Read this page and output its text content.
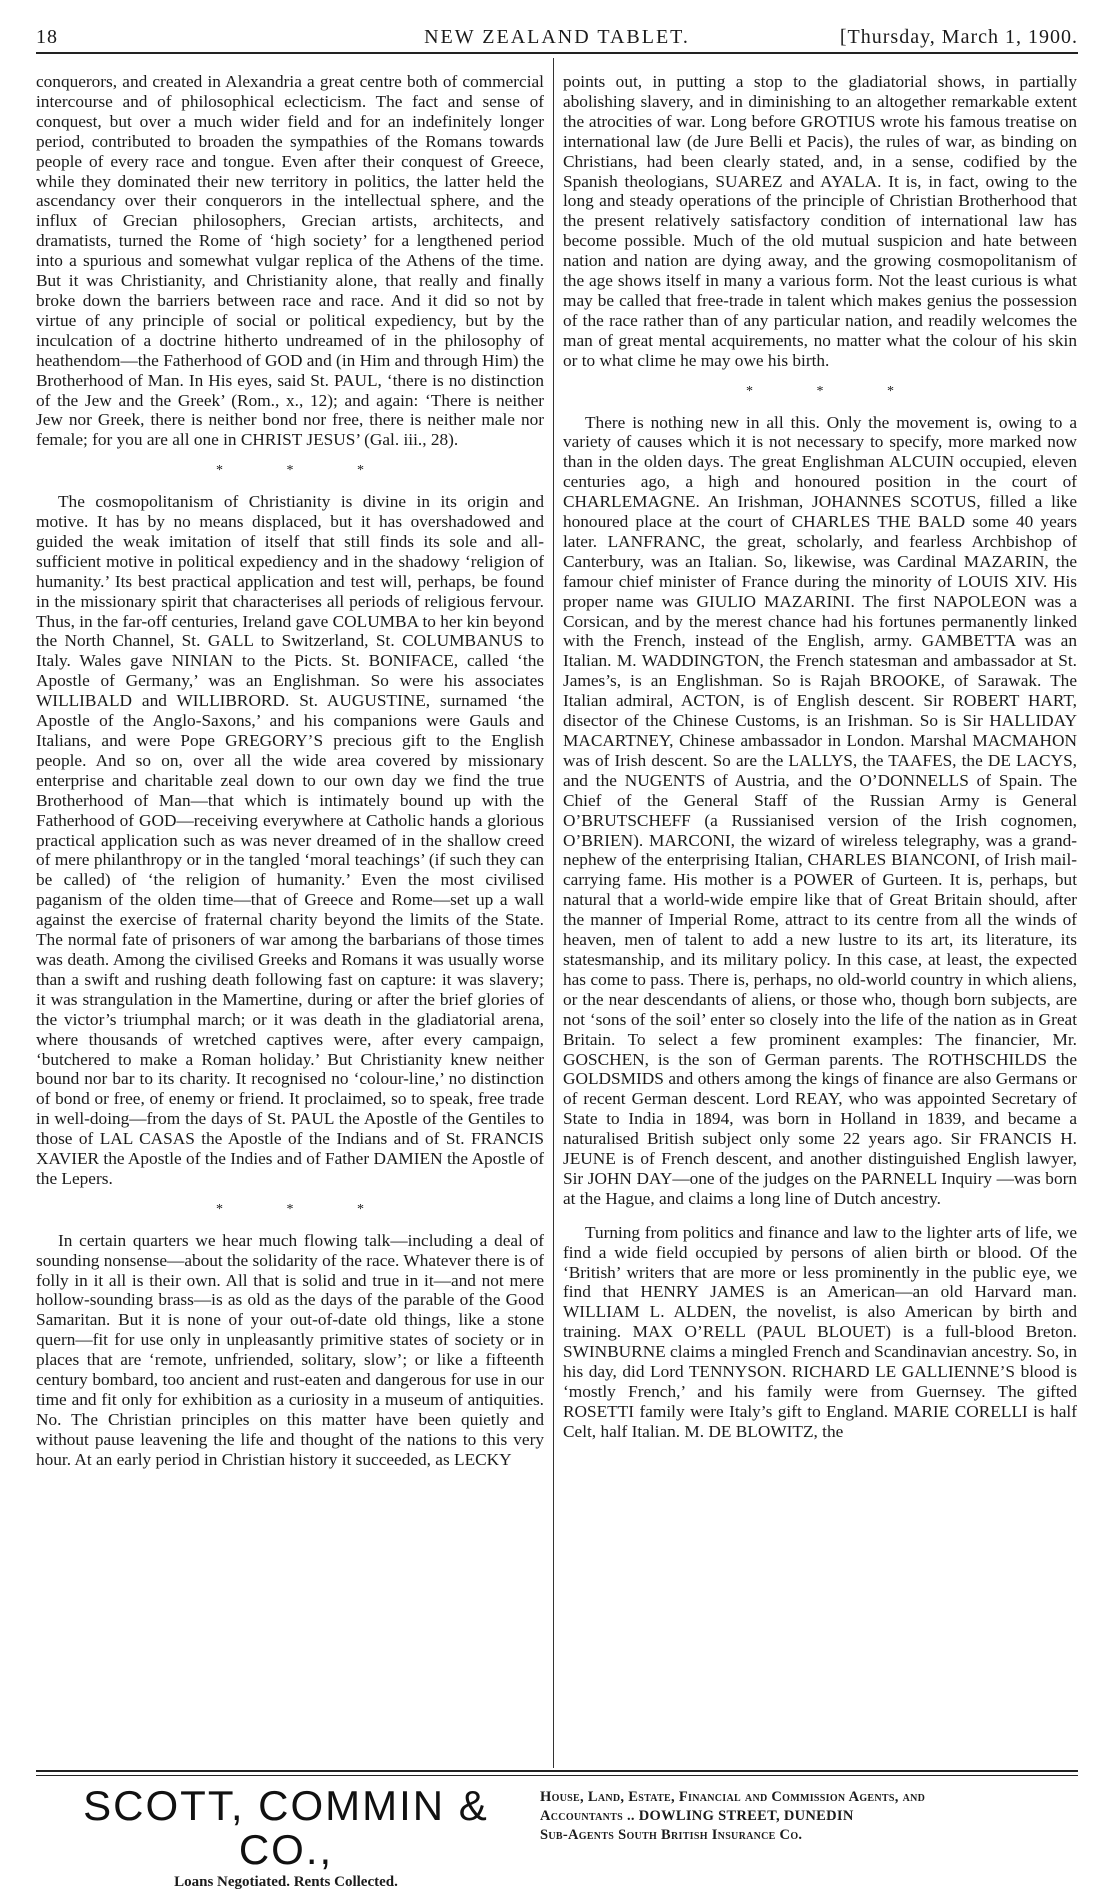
18	NEW ZEALAND TABLET.	[Thursday, March 1, 1900.

conquerors, and created in Alexandria a great centre both of commercial intercourse and of philosophical eclecticism. The fact and sense of conquest, but over a much wider field and for an indefinitely longer period, contributed to broaden the sympathies of the Romans towards people of every race and tongue. Even after their conquest of Greece, while they dominated their new territory in politics, the latter held the ascendancy over their conquerors in the intellectual sphere, and the influx of Grecian philosophers, Grecian artists, architects, and dramatists, turned the Rome of ‘high society’ for a lengthened period into a spurious and somewhat vulgar replica of the Athens of the time. But it was Christianity, and Christianity alone, that really and finally broke down the barriers between race and race. And it did so not by virtue of any principle of social or political expediency, but by the inculcation of a doctrine hitherto undreamed of in the philosophy of heathendom—the Fatherhood of GOD and (in Him and through Him) the Brotherhood of Man. In His eyes, said St. PAUL, ‘there is no distinction of the Jew and the Greek’ (Rom., x., 12); and again: ‘There is neither Jew nor Greek, there is neither bond nor free, there is neither male nor female; for you are all one in CHRIST JESUS’ (Gal. iii., 28).

* * *

The cosmopolitanism of Christianity is divine in its origin and motive. It has by no means displaced, but it has overshadowed and guided the weak imitation of itself that still finds its sole and all-sufficient motive in political expediency and in the shadowy ‘religion of humanity.’ Its best practical application and test will, perhaps, be found in the missionary spirit that characterises all periods of religious fervour. Thus, in the far-off centuries, Ireland gave COLUMBA to her kin beyond the North Channel, St. GALL to Switzerland, St. COLUMBANUS to Italy. Wales gave NINIAN to the Picts. St. BONIFACE, called ‘the Apostle of Germany,’ was an Englishman. So were his associates WILLIBALD and WILLIBRORD. St. AUGUSTINE, surnamed ‘the Apostle of the Anglo-Saxons,’ and his companions were Gauls and Italians, and were Pope GREGORY’S precious gift to the English people. And so on, over all the wide area covered by missionary enterprise and charitable zeal down to our own day we find the true Brotherhood of Man—that which is intimately bound up with the Fatherhood of GOD—receiving everywhere at Catholic hands a glorious practical application such as was never dreamed of in the shallow creed of mere philanthropy or in the tangled ‘moral teachings’ (if such they can be called) of ‘the religion of humanity.’ Even the most civilised paganism of the olden time—that of Greece and Rome—set up a wall against the exercise of fraternal charity beyond the limits of the State. The normal fate of prisoners of war among the barbarians of those times was death. Among the civilised Greeks and Romans it was usually worse than a swift and rushing death following fast on capture: it was slavery; it was strangulation in the Mamertine, during or after the brief glories of the victor’s triumphal march; or it was death in the gladiatorial arena, where thousands of wretched captives were, after every campaign, ‘butchered to make a Roman holiday.’ But Christianity knew neither bound nor bar to its charity. It recognised no ‘colour-line,’ no distinction of bond or free, of enemy or friend. It proclaimed, so to speak, free trade in well-doing—from the days of St. PAUL the Apostle of the Gentiles to those of LAL CASAS the Apostle of the Indians and of St. FRANCIS XAVIER the Apostle of the Indies and of Father DAMIEN the Apostle of the Lepers.

* * *

In certain quarters we hear much flowing talk—including a deal of sounding nonsense—about the solidarity of the race. Whatever there is of folly in it all is their own. All that is solid and true in it—and not mere hollow-sounding brass—is as old as the days of the parable of the Good Samaritan. But it is none of your out-of-date old things, like a stone quern—fit for use only in unpleasantly primitive states of society or in places that are ‘remote, unfriended, solitary, slow’; or like a fifteenth century bombard, too ancient and rust-eaten and dangerous for use in our time and fit only for exhibition as a curiosity in a museum of antiquities. No. The Christian principles on this matter have been quietly and without pause leavening the life and thought of the nations to this very hour. At an early period in Christian history it succeeded, as LECKY

points out, in putting a stop to the gladiatorial shows, in partially abolishing slavery, and in diminishing to an altogether remarkable extent the atrocities of war. Long before GROTIUS wrote his famous treatise on international law (de Jure Belli et Pacis), the rules of war, as binding on Christians, had been clearly stated, and, in a sense, codified by the Spanish theologians, SUAREZ and AYALA. It is, in fact, owing to the long and steady operations of the principle of Christian Brotherhood that the present relatively satisfactory condition of international law has become possible. Much of the old mutual suspicion and hate between nation and nation are dying away, and the growing cosmopolitanism of the age shows itself in many a various form. Not the least curious is what may be called that free-trade in talent which makes genius the possession of the race rather than of any particular nation, and readily welcomes the man of great mental acquirements, no matter what the colour of his skin or to what clime he may owe his birth.

* * *

There is nothing new in all this. Only the movement is, owing to a variety of causes which it is not necessary to specify, more marked now than in the olden days. The great Englishman ALCUIN occupied, eleven centuries ago, a high and honoured position in the court of CHARLEMAGNE. An Irishman, JOHANNES SCOTUS, filled a like honoured place at the court of CHARLES THE BALD some 40 years later. LANFRANC, the great, scholarly, and fearless Archbishop of Canterbury, was an Italian. So, likewise, was Cardinal MAZARIN, the famour chief minister of France during the minority of LOUIS XIV. His proper name was GIULIO MAZARINI. The first NAPOLEON was a Corsican, and by the merest chance had his fortunes permanently linked with the French, instead of the English, army. GAMBETTA was an Italian. M. WADDINGTON, the French statesman and ambassador at St. James’s, is an Englishman. So is Rajah BROOKE, of Sarawak. The Italian admiral, ACTON, is of English descent. Sir ROBERT HART, disector of the Chinese Customs, is an Irishman. So is Sir HALLIDAY MACARTNEY, Chinese ambassador in London. Marshal MACMAHON was of Irish descent. So are the LALLYS, the TAAFES, the DE LACYS, and the NUGENTS of Austria, and the O’DONNELLS of Spain. The Chief of the General Staff of the Russian Army is General O’BRUTSCHEFF (a Russianised version of the Irish cognomen, O’BRIEN). MARCONI, the wizard of wireless telegraphy, was a grand-nephew of the enterprising Italian, CHARLES BIANCONI, of Irish mail-carrying fame. His mother is a POWER of Gurteen. It is, perhaps, but natural that a world-wide empire like that of Great Britain should, after the manner of Imperial Rome, attract to its centre from all the winds of heaven, men of talent to add a new lustre to its art, its literature, its statesmanship, and its military policy. In this case, at least, the expected has come to pass. There is, perhaps, no old-world country in which aliens, or the near descendants of aliens, or those who, though born subjects, are not ‘sons of the soil’ enter so closely into the life of the nation as in Great Britain. To select a few prominent examples: The financier, Mr. GOSCHEN, is the son of German parents. The ROTHSCHILDS the GOLDSMIDS and others among the kings of finance are also Germans or of recent German descent. Lord REAY, who was appointed Secretary of State to India in 1894, was born in Holland in 1839, and became a naturalised British subject only some 22 years ago. Sir FRANCIS H. JEUNE is of French descent, and another distinguished English lawyer, Sir JOHN DAY—one of the judges on the PARNELL Inquiry —was born at the Hague, and claims a long line of Dutch ancestry.

Turning from politics and finance and law to the lighter arts of life, we find a wide field occupied by persons of alien birth or blood. Of the ‘British’ writers that are more or less prominently in the public eye, we find that HENRY JAMES is an American—an old Harvard man. WILLIAM L. ALDEN, the novelist, is also American by birth and training. MAX O’RELL (PAUL BLOUET) is a full-blood Breton. SWINBURNE claims a mingled French and Scandinavian ancestry. So, in his day, did Lord TENNYSON. RICHARD LE GALLIENNE’S blood is ‘mostly French,’ and his family were from Guernsey. The gifted ROSETTI family were Italy’s gift to England. MARIE CORELLI is half Celt, half Italian. M. DE BLOWITZ, the

SCOTT, COMMIN & CO.,
Loans Negotiated. Rents Collected.
House, Land, Estate, Financial and Commission Agents, and
Accountants .. DOWLING STREET, DUNEDIN
Sub-Agents South British Insurance Co.
